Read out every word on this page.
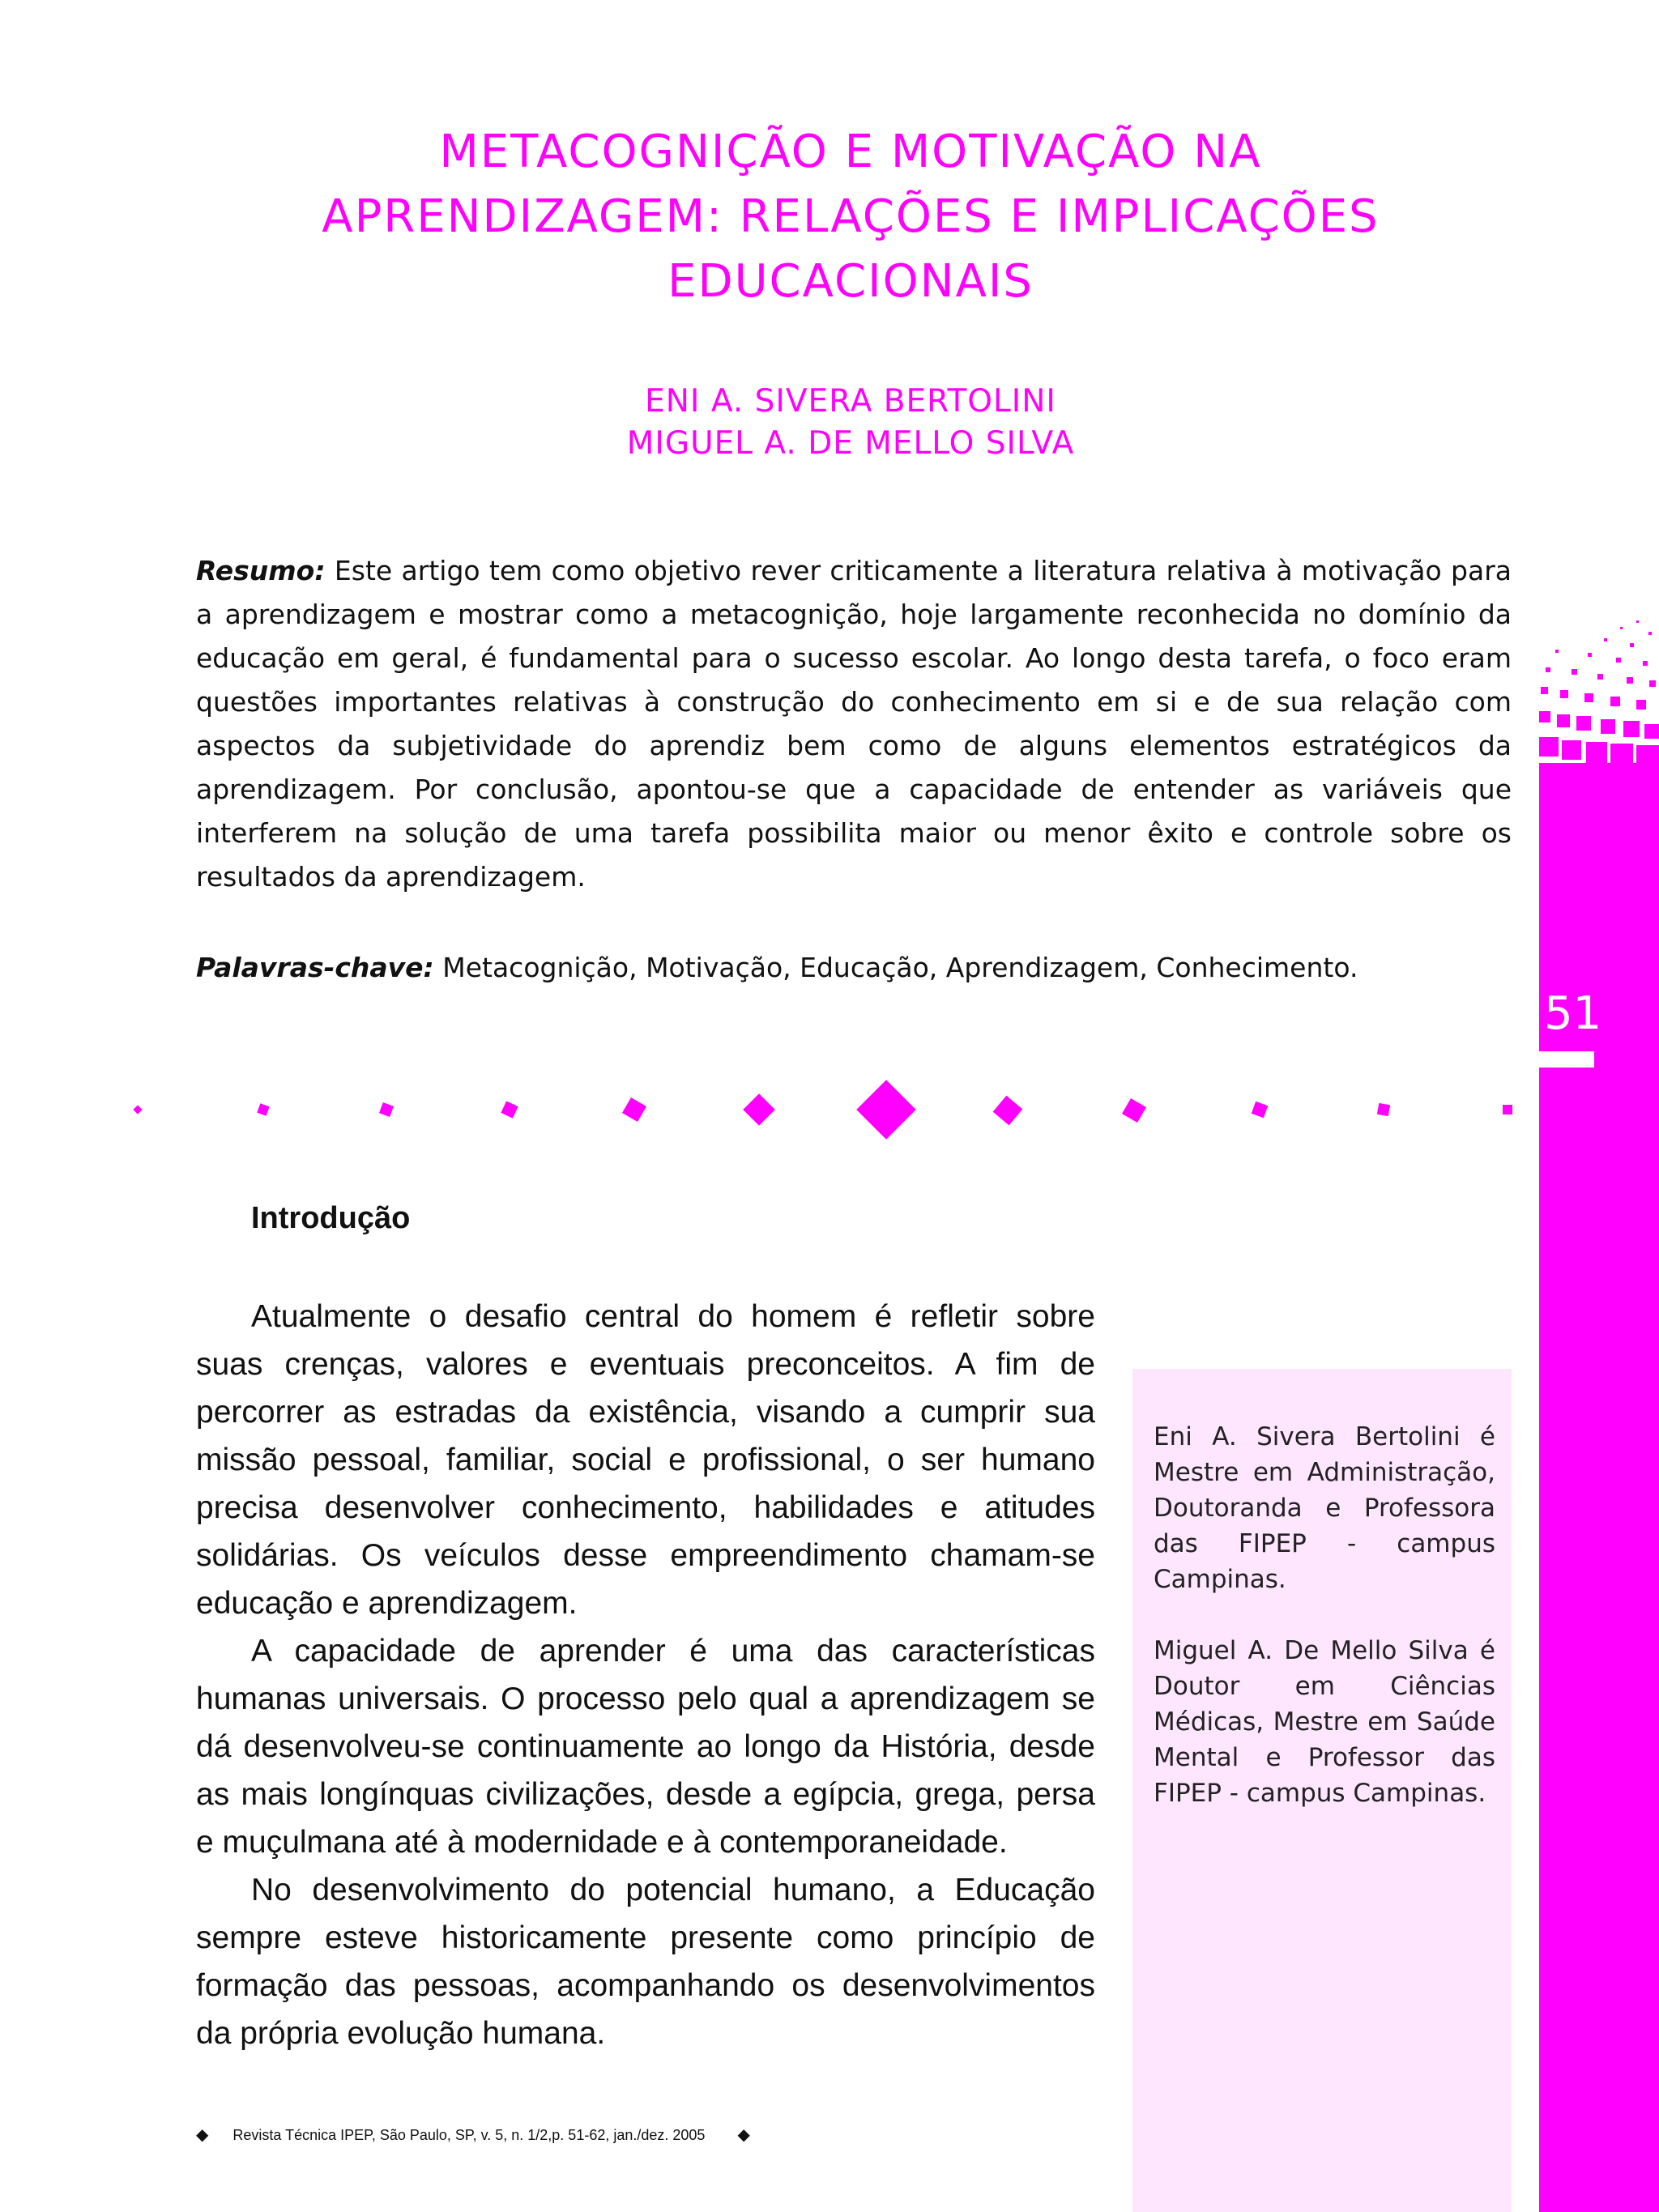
METACOGNIÇÃO E MOTIVAÇÃO NA
APRENDIZAGEM: RELAÇÕES E IMPLICAÇÕES
EDUCACIONAIS
ENI A. SIVERA BERTOLINI
MIGUEL A. DE MELLO SILVA
Resumo: Este artigo tem como objetivo rever criticamente a literatura relativa à motivação para a aprendizagem e mostrar como a metacognição, hoje largamente reconhecida no domínio da educação em geral, é fundamental para o sucesso escolar. Ao longo desta tarefa, o foco eram questões importantes relativas à construção do conhecimento em si e de sua relação com aspectos da subjetividade do aprendiz bem como de alguns elementos estratégicos da aprendizagem. Por conclusão, apontou-se que a capacidade de entender as variáveis que interferem na solução de uma tarefa possibilita maior ou menor êxito e controle sobre os resultados da aprendizagem.
Palavras-chave: Metacognição, Motivação, Educação, Aprendizagem, Conhecimento.
51
Introdução

Atualmente o desafio central do homem é refletir sobre suas crenças, valores e eventuais preconceitos. A fim de percorrer as estradas da existência, visando a cumprir sua missão pessoal, familiar, social e profissional, o ser humano precisa desenvolver conhecimento, habilidades e atitudes solidárias. Os veículos desse empreendimento chamam-se educação e aprendizagem.

A capacidade de aprender é uma das características humanas universais. O processo pelo qual a aprendizagem se dá desenvolveu-se continuamente ao longo da História, desde as mais longínquas civilizações, desde a egípcia, grega, persa e muçulmana até à modernidade e à contemporaneidade.

No desenvolvimento do potencial humano, a Educação sempre esteve historicamente presente como princípio de formação das pessoas, acompanhando os desenvolvimentos da própria evolução humana.

Eni A. Sivera Bertolini é Mestre em Administração, Doutoranda e Professora das FIPEP - campus Campinas.

Miguel A. De Mello Silva é Doutor em Ciências Médicas, Mestre em Saúde Mental e Professor das FIPEP - campus Campinas.

◆ Revista Técnica IPEP, São Paulo, SP, v. 5, n. 1/2,p. 51-62, jan./dez. 2005 ◆
